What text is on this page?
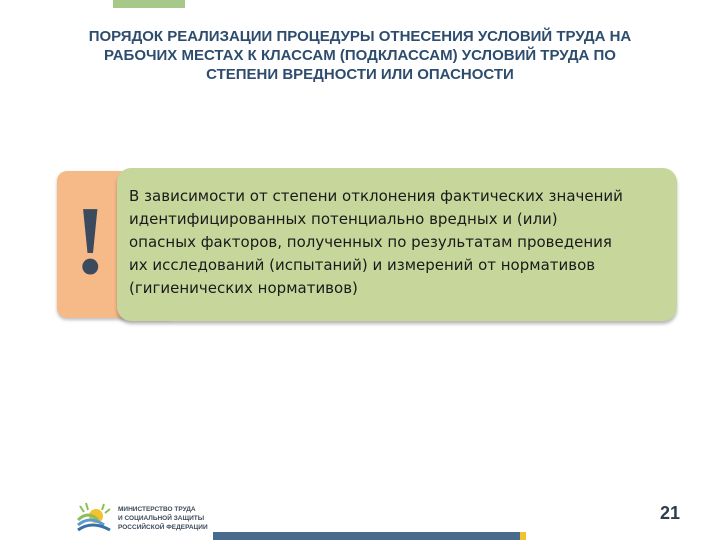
ПОРЯДОК РЕАЛИЗАЦИИ ПРОЦЕДУРЫ ОТНЕСЕНИЯ УСЛОВИЙ ТРУДА НА
РАБОЧИХ МЕСТАХ К КЛАССАМ (ПОДКЛАССАМ) УСЛОВИЙ ТРУДА ПО
СТЕПЕНИ ВРЕДНОСТИ ИЛИ ОПАСНОСТИ
! В зависимости от степени отклонения фактических значений
идентифицированных потенциально вредных и (или)
опасных факторов, полученных по результатам проведения
их исследований (испытаний) и измерений от нормативов
(гигиенических нормативов)

МИНИСТЕРСТВО ТРУДА
И СОЦИАЛЬНОЙ ЗАЩИТЫ
РОССИЙСКОЙ ФЕДЕРАЦИИ
21
